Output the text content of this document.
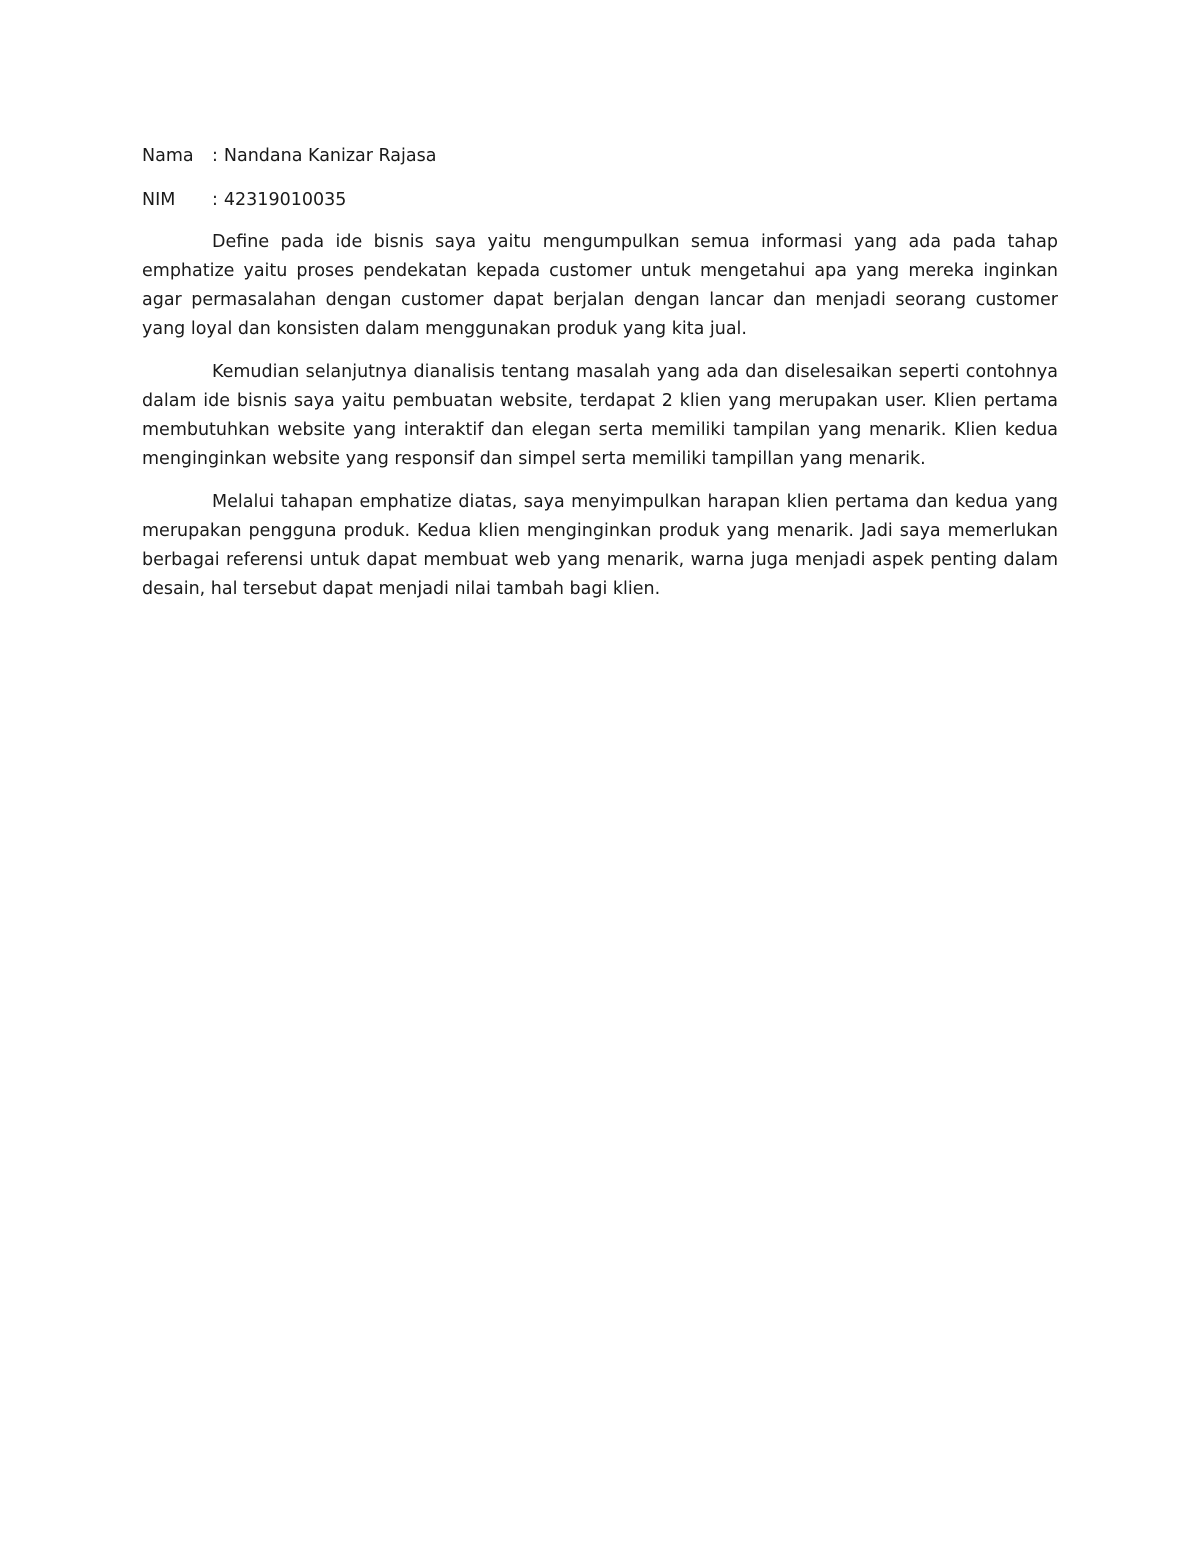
Nama	: Nandana Kanizar Rajasa
NIM	: 42319010035

Define pada ide bisnis saya yaitu mengumpulkan semua informasi yang ada pada tahap emphatize yaitu proses pendekatan kepada customer untuk mengetahui apa yang mereka inginkan agar permasalahan dengan customer dapat berjalan dengan lancar dan menjadi seorang customer yang loyal dan konsisten dalam menggunakan produk yang kita jual.

Kemudian selanjutnya dianalisis tentang masalah yang ada dan diselesaikan seperti contohnya dalam ide bisnis saya yaitu pembuatan website, terdapat 2 klien yang merupakan user. Klien pertama membutuhkan website yang interaktif dan elegan serta memiliki tampilan yang menarik. Klien kedua menginginkan website yang responsif dan simpel serta memiliki tampillan yang menarik.

Melalui tahapan emphatize diatas, saya menyimpulkan harapan klien pertama dan kedua yang merupakan pengguna produk. Kedua klien menginginkan produk yang menarik. Jadi saya memerlukan berbagai referensi untuk dapat membuat web yang menarik, warna juga menjadi aspek penting dalam desain, hal tersebut dapat menjadi nilai tambah bagi klien.
